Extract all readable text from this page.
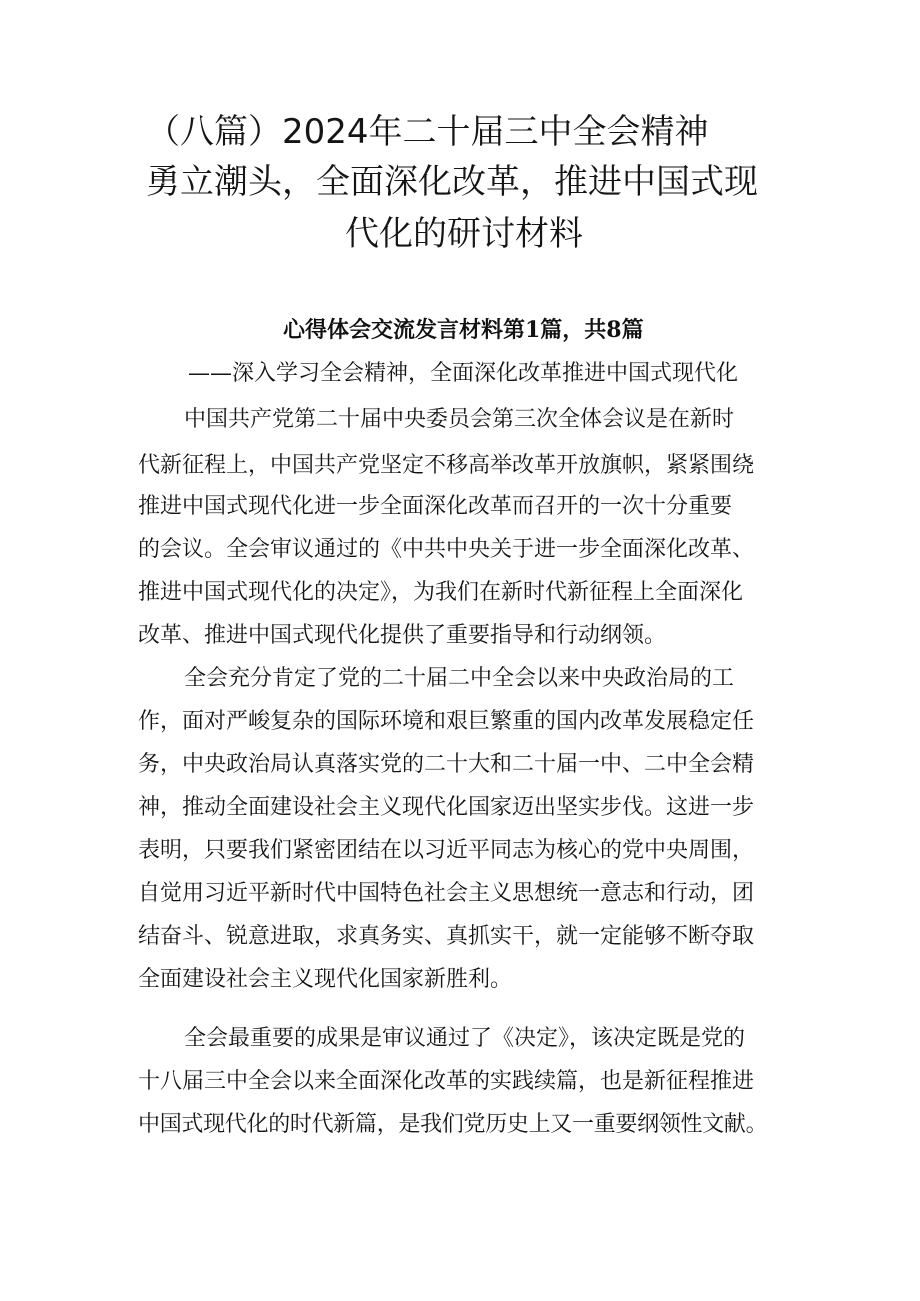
（八篇）2024年二十届三中全会精神
勇立潮头，全面深化改革，推进中国式现
代化的研讨材料
心得体会交流发言材料第1篇，共8篇
——深入学习全会精神，全面深化改革推进中国式现代化
中国共产党第二十届中央委员会第三次全体会议是在新时
代新征程上，中国共产党坚定不移高举改革开放旗帜，紧紧围绕
推进中国式现代化进一步全面深化改革而召开的一次十分重要
的会议。全会审议通过的《中共中央关于进一步全面深化改革、
推进中国式现代化的决定》，为我们在新时代新征程上全面深化
改革、推进中国式现代化提供了重要指导和行动纲领。
全会充分肯定了党的二十届二中全会以来中央政治局的工
作，面对严峻复杂的国际环境和艰巨繁重的国内改革发展稳定任
务，中央政治局认真落实党的二十大和二十届一中、二中全会精
神，推动全面建设社会主义现代化国家迈出坚实步伐。这进一步
表明，只要我们紧密团结在以习近平同志为核心的党中央周围，
自觉用习近平新时代中国特色社会主义思想统一意志和行动，团
结奋斗、锐意进取，求真务实、真抓实干，就一定能够不断夺取
全面建设社会主义现代化国家新胜利。
全会最重要的成果是审议通过了《决定》，该决定既是党的
十八届三中全会以来全面深化改革的实践续篇，也是新征程推进
中国式现代化的时代新篇，是我们党历史上又一重要纲领性文献。
